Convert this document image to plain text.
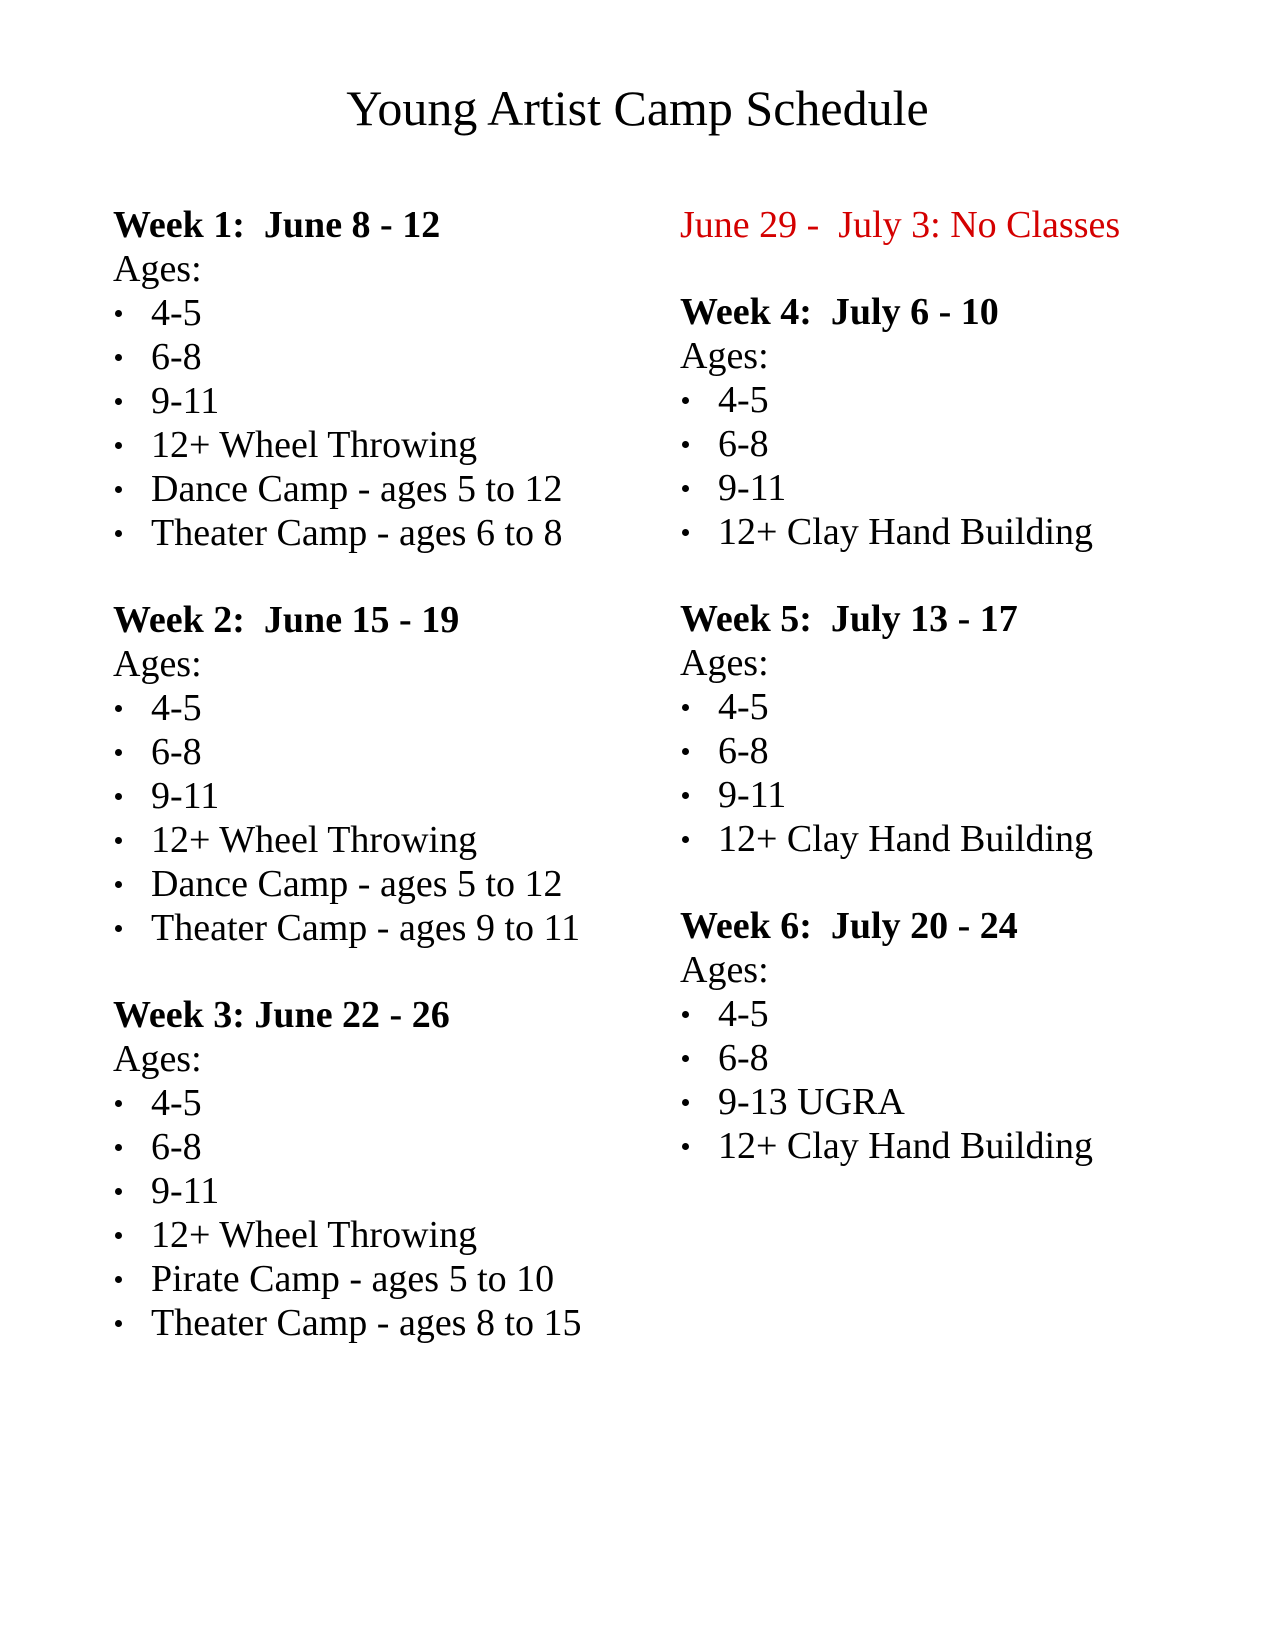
Young Artist Camp Schedule

Week 1:  June 8 - 12

Ages:

4-5
6-8
9-11
12+ Wheel Throwing
Dance Camp - ages 5 to 12
Theater Camp - ages 6 to 8

Week 2:  June 15 - 19

Ages:

4-5
6-8
9-11
12+ Wheel Throwing
Dance Camp - ages 5 to 12
Theater Camp - ages 9 to 11

Week 3: June 22 - 26

Ages:

4-5
6-8
9-11
12+ Wheel Throwing
Pirate Camp - ages 5 to 10
Theater Camp - ages 8 to 15

June 29 -  July 3: No Classes

Week 4:  July 6 - 10

Ages:

4-5
6-8
9-11
12+ Clay Hand Building

Week 5:  July 13 - 17

Ages:

4-5
6-8
9-11
12+ Clay Hand Building

Week 6:  July 20 - 24

Ages:

4-5
6-8
9-13 UGRA
12+ Clay Hand Building
